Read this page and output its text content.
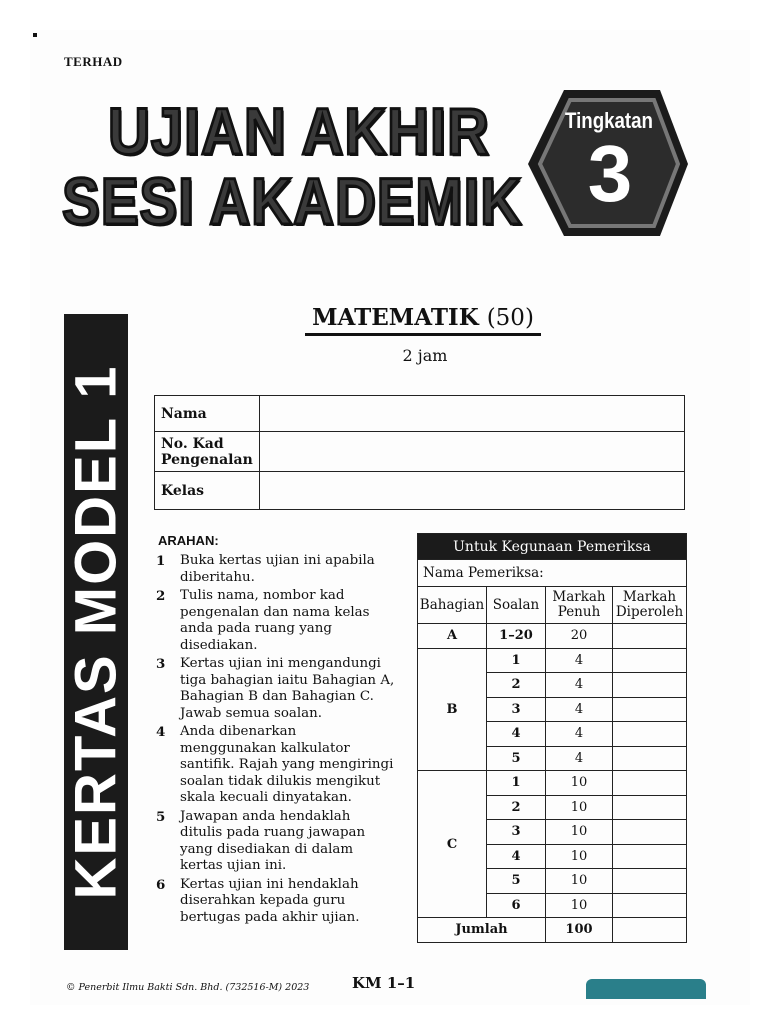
TERHAD
UJIAN AKHIR
SESI AKADEMIK
Tingkatan
3
KERTAS MODEL 1
MATEMATIK (50)
2 jam
Nama	
No. Kad Pengenalan	
Kelas	
ARAHAN:
1	Buka kertas ujian ini apabila diberitahu.
2	Tulis nama, nombor kad pengenalan dan nama kelas anda pada ruang yang disediakan.
3	Kertas ujian ini mengandungi tiga bahagian iaitu Bahagian A, Bahagian B dan Bahagian C. Jawab semua soalan.
4	Anda dibenarkan menggunakan kalkulator santifik. Rajah yang mengiringi soalan tidak dilukis mengikut skala kecuali dinyatakan.
5	Jawapan anda hendaklah ditulis pada ruang jawapan yang disediakan di dalam kertas ujian ini.
6	Kertas ujian ini hendaklah diserahkan kepada guru bertugas pada akhir ujian.
Untuk Kegunaan Pemeriksa			
Nama Pemeriksa:			
Bahagian	Soalan	Markah Penuh	Markah Diperoleh
A	1–20	20	
B	1	4	
	2	4	
	3	4	
	4	4	
	5	4	
C	1	10	
	2	10	
	3	10	
	4	10	
	5	10	
	6	10	
Jumlah		100	
© Penerbit Ilmu Bakti Sdn. Bhd. (732516-M) 2023	KM 1–1
